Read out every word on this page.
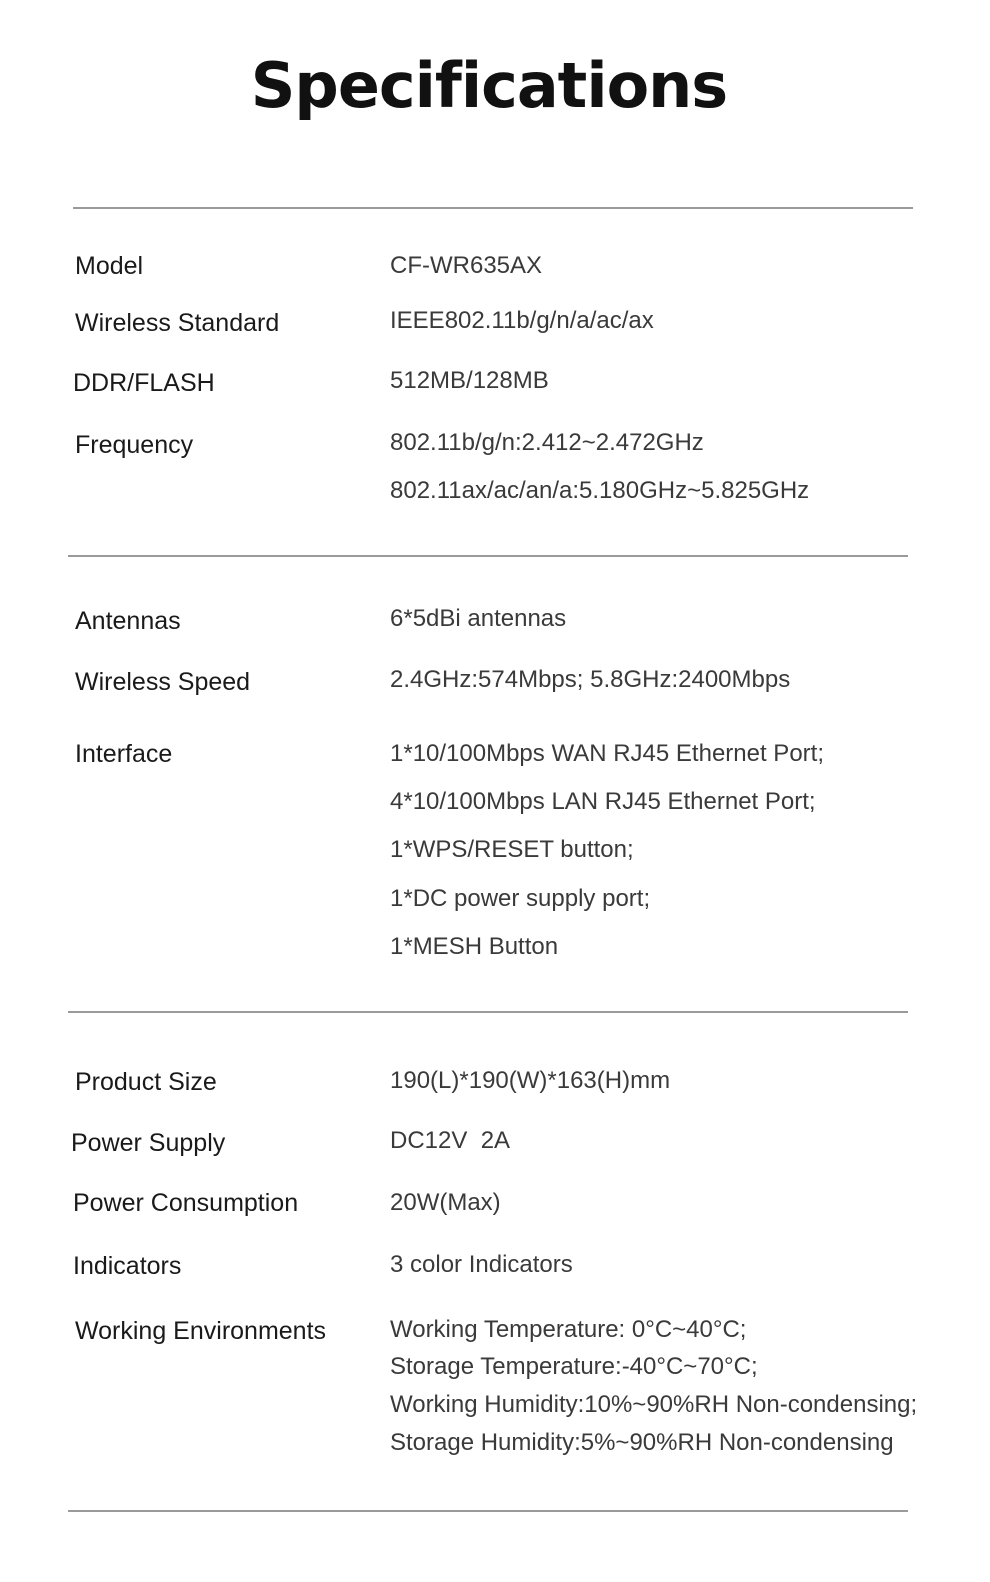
Specifications
Model	CF-WR635AX
Wireless Standard	IEEE802.11b/g/n/a/ac/ax
DDR/FLASH	512MB/128MB
Frequency	802.11b/g/n:2.412~2.472GHz
802.11ax/ac/an/a:5.180GHz~5.825GHz
Antennas	6*5dBi antennas
Wireless Speed	2.4GHz:574Mbps; 5.8GHz:2400Mbps
Interface	1*10/100Mbps WAN RJ45 Ethernet Port;
4*10/100Mbps LAN RJ45 Ethernet Port;
1*WPS/RESET button;
1*DC power supply port;
1*MESH Button
Product Size	190(L)*190(W)*163(H)mm
Power Supply	DC12V  2A
Power Consumption	20W(Max)
Indicators	3 color Indicators
Working Environments	Working Temperature: 0°C~40°C;
Storage Temperature:-40°C~70°C;
Working Humidity:10%~90%RH Non-condensing;
Storage Humidity:5%~90%RH Non-condensing
